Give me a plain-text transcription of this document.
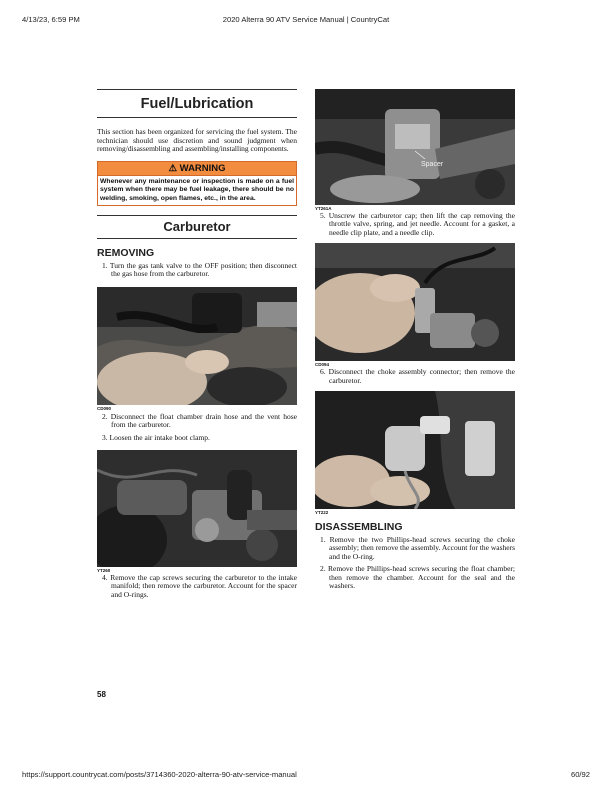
4/13/23, 6:59 PM	2020 Alterra 90 ATV Service Manual | CountryCat
Fuel/Lubrication
This section has been organized for servicing the fuel system. The technician should use discretion and sound judgment when removing/disassembling and assembling/installing components.
⚠ WARNING
Whenever any maintenance or inspection is made on a fuel system when there may be fuel leakage, there should be no welding, smoking, open flames, etc., in the area.
Carburetor
REMOVING
1. Turn the gas tank valve to the OFF position; then disconnect the gas hose from the carburetor.
CD090
2. Disconnect the float chamber drain hose and the vent hose from the carburetor.
3. Loosen the air intake boot clamp.
YT260
4. Remove the cap screws securing the carburetor to the intake manifold; then remove the carburetor. Account for the spacer and O-rings.
Spacer
YT261A
5. Unscrew the carburetor cap; then lift the cap removing the throttle valve, spring, and jet needle. Account for a gasket, a needle clip plate, and a needle clip.
CD094
6. Disconnect the choke assembly connector; then remove the carburetor.
YT222
DISASSEMBLING
1. Remove the two Phillips-head screws securing the choke assembly; then remove the assembly. Account for the washers and the O-ring.
2. Remove the Phillips-head screws securing the float chamber; then remove the chamber. Account for the seal and the washers.
58
https://support.countrycat.com/posts/3714360-2020-alterra-90-atv-service-manual	60/92
